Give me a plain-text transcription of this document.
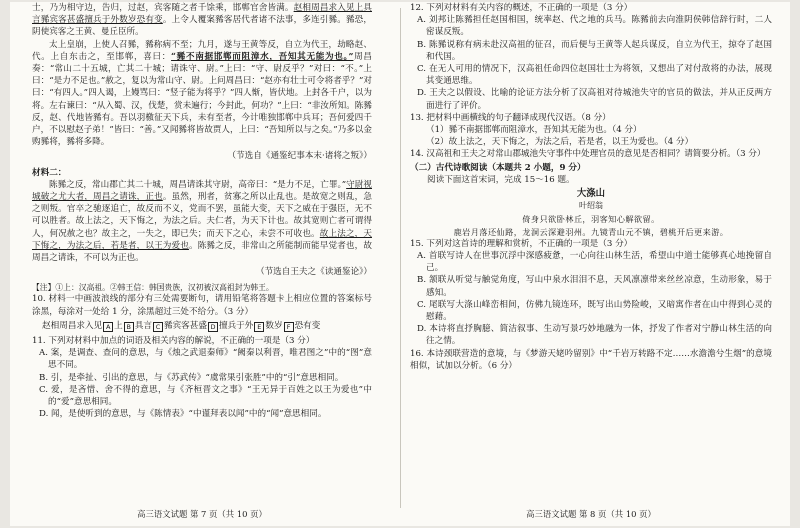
士，乃为相守边，告归，过赵，宾客随之者千馀乘，邯郸官舍皆满。赵相周昌求入见上具言豨宾客甚盛擅兵于外数岁恐有变。上令人覆案豨客居代者诸不法事，多连引豨。豨恐，阴使宾客之王黄、曼丘臣所。

太上皇崩，上使人召豨，豨称病不至；九月，遂与王黄等反，自立为代王，劫略赵、代。上自东击之，至邯郸，喜曰：“豨不南据邯郸而阻漳水，吾知其无能为也。”周昌奏：“常山二十五城，亡其二十城；请诛守、尉。”上曰：“守、尉反乎？”对曰：“不。”上曰：“是力不足也。”赦之，复以为常山守、尉。上问周昌曰：“赵亦有壮士可令将者乎？”对曰：“有四人。”四人谒，上嫚骂曰：“竖子能为将乎？”四人惭，皆伏地。上封各千户，以为将。左右谏曰：“从入蜀、汉，伐楚，赏未遍行；今封此，何功？”上曰：“非汝所知。陈豨反，赵、代地皆豨有。吾以羽檄征天下兵，未有至者，今计唯独邯郸中兵耳；吾何爱四千户，不以慰赵子弟！”皆曰：“善。”又闻豨将皆故贾人，上曰：“吾知所以与之矣。”乃多以金购豨将，豨将多降。

（节选自《通鉴纪事本末·诸将之叛》）

材料二：

陈豨之反，常山郡亡其二十城，周昌请诛其守尉，高帝曰：“是力不足，亡罪。”守尉视城破之尤大者，周昌之请诛，正也。虽然，刑者，贫寡之所以止乱也。是故宽之则乱，急之则叛。官卒之驰逐追亡，故反而不义，党而不罢，虽能大变，天下之威在于强臣，无不可以胜者。故上法之，天下悔之，为法之后。夫仁者，为天下计也。故其宽则亡者可谓得人，何况赦之也？故主之，一失之，即已失；而天下之心，未尝不可收也。故上法之，天下悔之，为法之后，若是者，以王为爱也。陈豨之反，非常山之所能制而能早觉者也，故周昌之请诛，不可以为正也。

（节选自王夫之《读通鉴论》）

【注】①上：汉高祖。②韩王信：韩国贵族，汉初被汉高祖封为韩王。

10. 材料一中画波浪线的部分有三处需要断句，请用铅笔将答题卡上相应位置的答案标号涂黑，每涂对一处给 1 分，涂黑超过三处不给分。（3 分）

赵相周昌求入见 A 上 B 具言 C 豨宾客甚盛 D 擅兵于外 E 数岁 F 恐有变

11. 下列对材料中加点的词语及相关内容的解说，不正确的一项是（3 分）

A. 案，是调查、查问的意思，与《烛之武退秦师》“阙秦以利晋，唯君图之”中的“图”意思不同。

B. 引，是牵扯、引出的意思，与《苏武传》“虞常果引张胜”中的“引”意思相同。

C. 爱，是吝惜、舍不得的意思，与《齐桓晋文之事》“王无异于百姓之以王为爱也”中的“爱”意思相同。

D. 闻，是使听到的意思，与《陈情表》“中谨拜表以闻”中的“闻”意思相同。

高三语文试题 第 7 页（共 10 页）

12. 下列对材料有关内容的概述，不正确的一项是（3 分）

A. 刘邦让陈豨担任赵国相国，统率赵、代之地的兵马。陈豨前去向淮阴侯韩信辞行时，二人密谋反叛。

B. 陈豨说称有病未赴汉高祖的征召，而后便与王黄等人起兵谋反，自立为代王，掠夺了赵国和代国。

C. 在无人可用的情况下，汉高祖任命四位赵国壮士为将领，又想出了对付敌将的办法，展现其变通思维。

D. 王夫之以假设、比喻的论证方法分析了汉高祖对待城池失守的官员的做法，并从正反两方面进行了评价。

13. 把材料中画横线的句子翻译成现代汉语。（8 分）

（1）豨不南据邯郸而阻漳水，吾知其无能为也。（4 分）

（2）故上法之，天下悔之，为法之后，若是者，以王为爱也。（4 分）

14. 汉高祖和王夫之对常山郡城池失守事件中处理官员的意见是否相同？请简要分析。（3 分）

（二）古代诗歌阅读（本题共 2 小题，9 分）

阅读下面这首宋词，完成 15～16 题。

大涤山

叶绍翁

倚身只欲卧林丘，羽客知心解欲留。

鹿岩月落还仙路，龙洞云深避羽州。九镜青山元不镇，碧桃开后更来游。

15. 下列对这首诗的理解和赏析，不正确的一项是（3 分）

A. 首联写诗人在世事沉浮中深感疲惫，一心向往山林生活，希望山中道士能够真心地挽留自己。

B. 颔联从听觉与触觉角度，写山中泉水泪泪不息，天风凛凛带来丝丝凉意，生动形象，易于感知。

C. 尾联写大涤山峰峦相间，仿佛九镜连环，既写出山势险峻，又暗寓作者在山中得到心灵的慰藉。

D. 本诗将直抒胸臆、简洁叙事、生动写景巧妙地融为一体，抒发了作者对宁静山林生活的向往之情。

16. 本诗颈联营造的意境，与《梦游天姥吟留别》中“千岩万转路不定……水澹澹兮生烟”的意境相似，试加以分析。（6 分）

高三语文试题 第 8 页（共 10 页）
